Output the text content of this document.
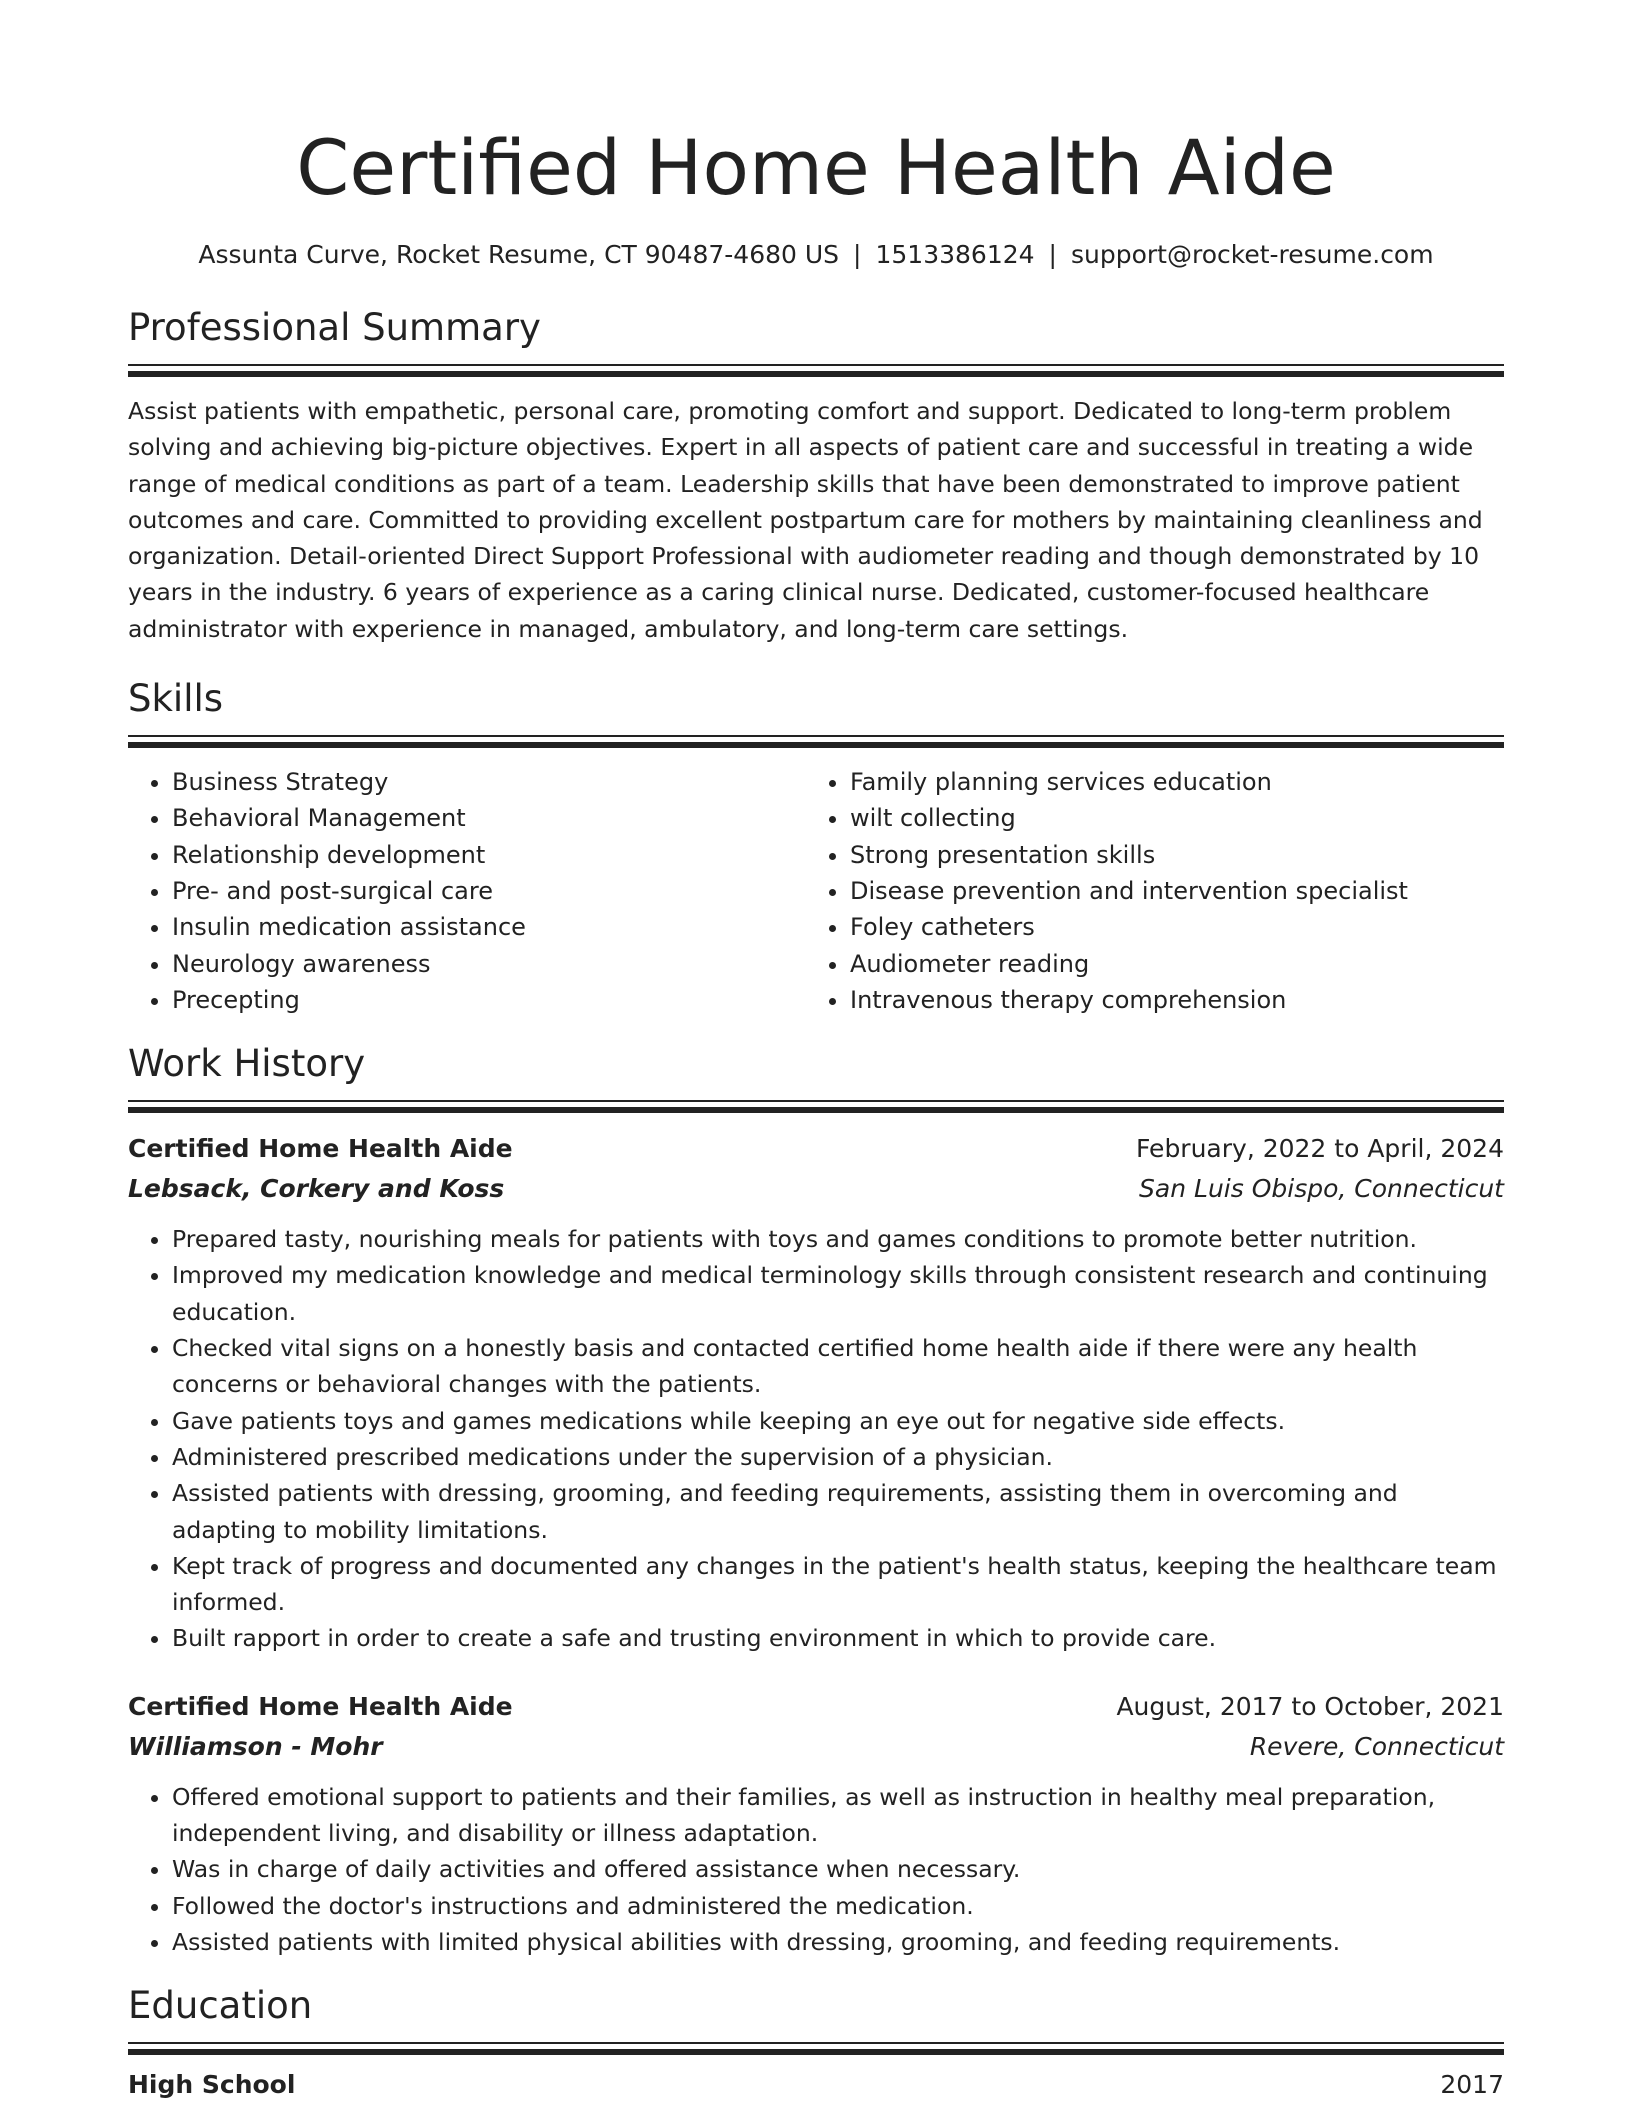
Certified Home Health Aide
Assunta Curve, Rocket Resume, CT 90487-4680 US | 1513386124 | support@rocket-resume.com
Professional Summary

Assist patients with empathetic, personal care, promoting comfort and support. Dedicated to long-term problem solving and achieving big-picture objectives. Expert in all aspects of patient care and successful in treating a wide range of medical conditions as part of a team. Leadership skills that have been demonstrated to improve patient outcomes and care. Committed to providing excellent postpartum care for mothers by maintaining cleanliness and organization. Detail-oriented Direct Support Professional with audiometer reading and though demonstrated by 10 years in the industry. 6 years of experience as a caring clinical nurse. Dedicated, customer-focused healthcare administrator with experience in managed, ambulatory, and long-term care settings.

Skills
• Business Strategy
• Behavioral Management
• Relationship development
• Pre- and post-surgical care
• Insulin medication assistance
• Neurology awareness
• Precepting
• Family planning services education
• wilt collecting
• Strong presentation skills
• Disease prevention and intervention specialist
• Foley catheters
• Audiometer reading
• Intravenous therapy comprehension
Work History
Certified Home Health Aide	February, 2022 to April, 2024
Lebsack, Corkery and Koss	San Luis Obispo, Connecticut
• Prepared tasty, nourishing meals for patients with toys and games conditions to promote better nutrition.
• Improved my medication knowledge and medical terminology skills through consistent research and continuing education.
• Checked vital signs on a honestly basis and contacted certified home health aide if there were any health concerns or behavioral changes with the patients.
• Gave patients toys and games medications while keeping an eye out for negative side effects.
• Administered prescribed medications under the supervision of a physician.
• Assisted patients with dressing, grooming, and feeding requirements, assisting them in overcoming and adapting to mobility limitations.
• Kept track of progress and documented any changes in the patient's health status, keeping the healthcare team informed.
• Built rapport in order to create a safe and trusting environment in which to provide care.
Certified Home Health Aide	August, 2017 to October, 2021
Williamson - Mohr	Revere, Connecticut
• Offered emotional support to patients and their families, as well as instruction in healthy meal preparation, independent living, and disability or illness adaptation.
• Was in charge of daily activities and offered assistance when necessary.
• Followed the doctor's instructions and administered the medication.
• Assisted patients with limited physical abilities with dressing, grooming, and feeding requirements.
Education
High School	2017
